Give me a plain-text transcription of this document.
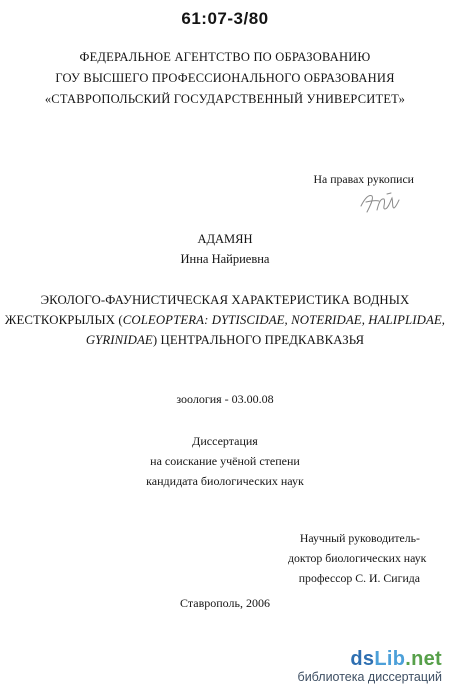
61:07-3/80
ФЕДЕРАЛЬНОЕ АГЕНТСТВО ПО ОБРАЗОВАНИЮ
ГОУ ВЫСШЕГО ПРОФЕССИОНАЛЬНОГО ОБРАЗОВАНИЯ
«СТАВРОПОЛЬСКИЙ ГОСУДАРСТВЕННЫЙ УНИВЕРСИТЕТ»
На правах рукописи
АДАМЯН
Инна Найриевна
ЭКОЛОГО-ФАУНИСТИЧЕСКАЯ ХАРАКТЕРИСТИКА ВОДНЫХ
ЖЕСТКОКРЫЛЫХ (COLEOPTERA: DYTISCIDAE, NOTERIDAE, HALIPLIDAE,
GYRINIDAE) ЦЕНТРАЛЬНОГО ПРЕДКАВКАЗЬЯ
зоология - 03.00.08
Диссертация
на соискание учёной степени
кандидата биологических наук
Научный руководитель-
доктор биологических наук
профессор С. И. Сигида
Ставрополь, 2006
dsLib.net
библиотека диссертаций
